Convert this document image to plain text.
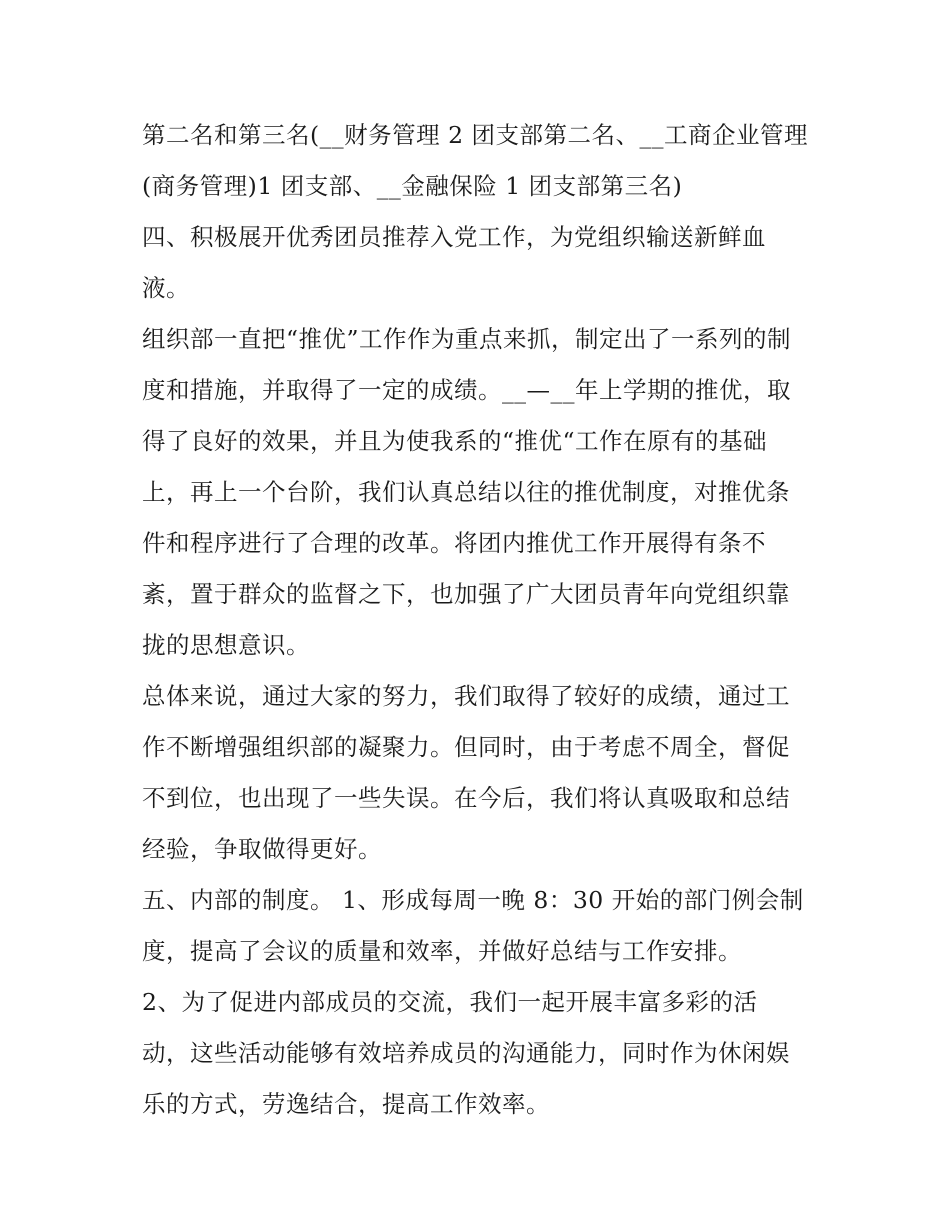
第二名和第三名(__财务管理 2 团支部第二名、__工商企业管理
(商务管理)1 团支部、__金融保险 1 团支部第三名)
四、积极展开优秀团员推荐入党工作，为党组织输送新鲜血
液。
组织部一直把“推优”工作作为重点来抓，制定出了一系列的制
度和措施，并取得了一定的成绩。__—__年上学期的推优，取
得了良好的效果，并且为使我系的“推优“工作在原有的基础
上，再上一个台阶，我们认真总结以往的推优制度，对推优条
件和程序进行了合理的改革。将团内推优工作开展得有条不
紊，置于群众的监督之下，也加强了广大团员青年向党组织靠
拢的思想意识。
总体来说，通过大家的努力，我们取得了较好的成绩，通过工
作不断增强组织部的凝聚力。但同时，由于考虑不周全，督促
不到位，也出现了一些失误。在今后，我们将认真吸取和总结
经验，争取做得更好。
五、内部的制度。 1、形成每周一晚 8：30 开始的部门例会制
度，提高了会议的质量和效率，并做好总结与工作安排。
2、为了促进内部成员的交流，我们一起开展丰富多彩的活
动，这些活动能够有效培养成员的沟通能力，同时作为休闲娱
乐的方式，劳逸结合，提高工作效率。
